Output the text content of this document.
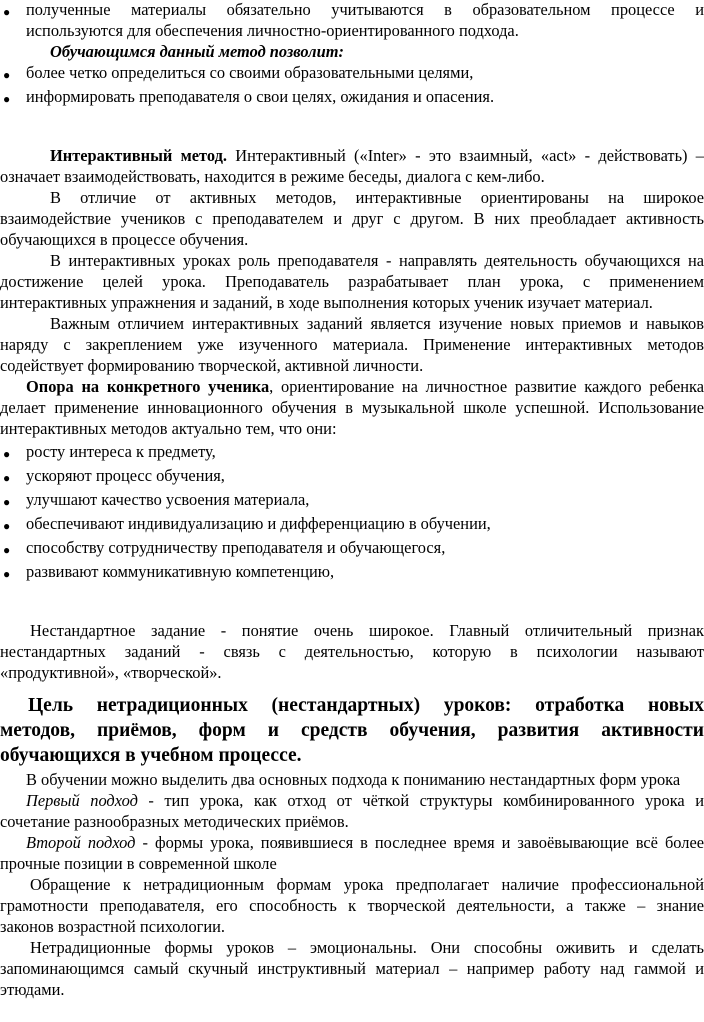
● полученные материалы обязательно учитываются в образовательном процессе и
используются для обеспечения личностно-ориентированного подхода.
Обучающимся данный метод позволит:
● более четко определиться со своими образовательными целями,
● информировать преподавателя о свои целях, ожидания и опасения.
Интерактивный метод. Интерактивный («Inter» - это взаимный, «act» - действовать) –
означает взаимодействовать, находится в режиме беседы, диалога с кем-либо.
В отличие от активных методов, интерактивные ориентированы на широкое
взаимодействие учеников с преподавателем и друг с другом. В них преобладает активность
обучающихся в процессе обучения.
В интерактивных уроках роль преподавателя - направлять деятельность обучающихся на
достижение целей урока. Преподаватель разрабатывает план урока, с применением
интерактивных упражнения и заданий, в ходе выполнения которых ученик изучает материал.
Важным отличием интерактивных заданий является изучение новых приемов и навыков
наряду с закреплением уже изученного материала. Применение интерактивных методов
содействует формированию творческой, активной личности.
Опора на конкретного ученика, ориентирование на личностное развитие каждого ребенка
делает применение инновационного обучения в музыкальной школе успешной. Использование
интерактивных методов актуально тем, что они:
● росту интереса к предмету,
● ускоряют процесс обучения,
● улучшают качество усвоения материала,
● обеспечивают индивидуализацию и дифференциацию в обучении,
● способству сотрудничеству преподавателя и обучающегося,
● развивают коммуникативную компетенцию,
Нестандартное задание - понятие очень широкое. Главный отличительный признак
нестандартных заданий - связь с деятельностью, которую в психологии называют
«продуктивной», «творческой».
Цель нетрадиционных (нестандартных) уроков: отработка новых
методов, приёмов, форм и средств обучения, развития активности
обучающихся в учебном процессе.
В обучении можно выделить два основных подхода к пониманию нестандартных форм урока
Первый подход - тип урока, как отход от чёткой структуры комбинированного урока и
сочетание разнообразных методических приёмов.
Второй подход - формы урока, появившиеся в последнее время и завоёвывающие всё более
прочные позиции в современной школе
Обращение к нетрадиционным формам урока предполагает наличие профессиональной
грамотности преподавателя, его способность к творческой деятельности, а также – знание
законов возрастной психологии.
Нетрадиционные формы уроков – эмоциональны. Они способны оживить и сделать
запоминающимся самый скучный инструктивный материал – например работу над гаммой и
этюдами.
